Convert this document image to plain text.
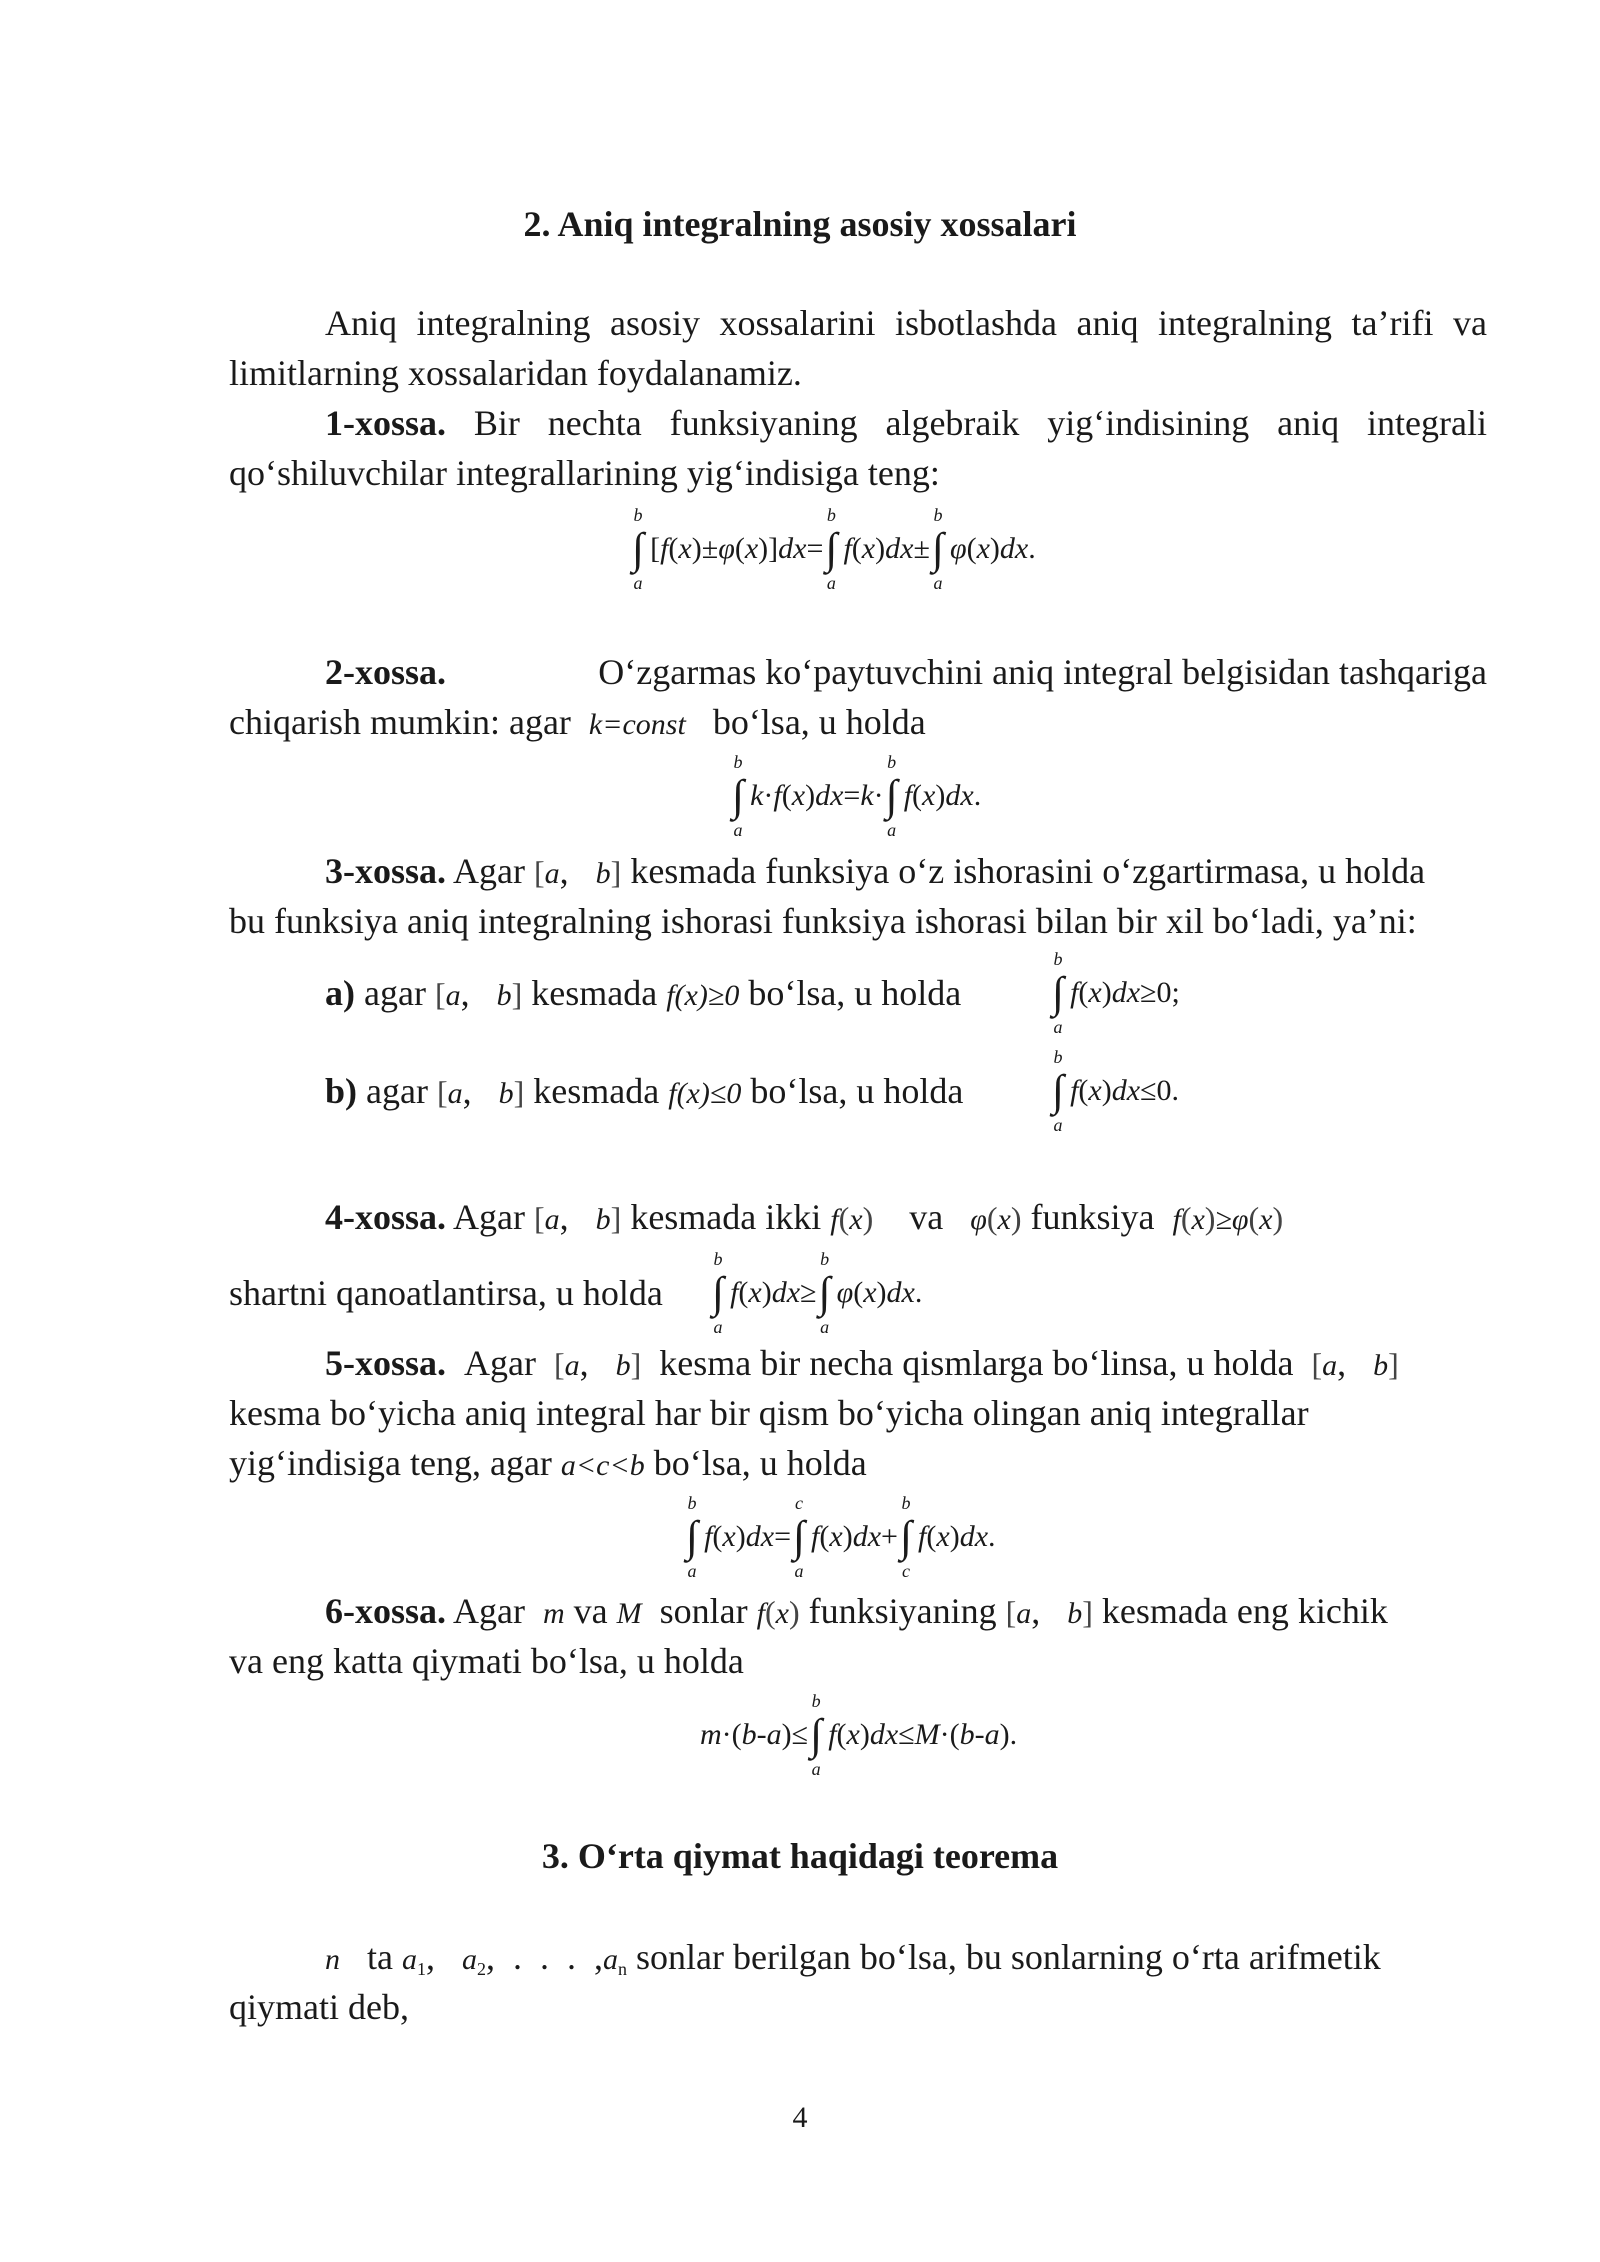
2. Aniq integralning asosiy xossalari
Aniq integralning asosiy xossalarini isbotlashda aniq integralning ta’rifi va limitlarning xossalaridan foydalanamiz.
1-xossa. Bir nechta funksiyaning algebraik yig‘indisining aniq integrali qo‘shiluvchilar integrallarining yig‘indisiga teng:
b
∫
a
[f(x)±φ(x)]dx=
b
∫
a
f(x)dx±
b
∫
a
φ(x)dx.
2-xossa.	O‘zgarmas ko‘paytuvchini aniq integral belgisidan tashqariga
chiqarish mumkin: agar k=const bo‘lsa, u holda
b
∫
a
k·f(x)dx=k·
b
∫
a
f(x)dx.
3-xossa. Agar [a,   b] kesmada funksiya o‘z ishorasini o‘zgartirmasa, u holda
bu funksiya aniq integralning ishorasi funksiya ishorasi bilan bir xil bo‘ladi, ya’ni:
a) agar [a,   b] kesmada f(x)≥0 bo‘lsa, u holda
b
∫
a
f(x)dx≥0;
b) agar [a,   b] kesmada f(x)≤0 bo‘lsa, u holda
b
∫
a
f(x)dx≤0.
4-xossa. Agar [a,   b] kesmada ikki f(x) va φ(x) funksiya f(x)≥φ(x)
shartni qanoatlantirsa, u holda
b
∫
a
f(x)dx≥
b
∫
a
φ(x)dx.
5-xossa. Agar [a,   b] kesma bir necha qismlarga bo‘linsa, u holda [a,   b]
kesma bo‘yicha aniq integral har bir qism bo‘yicha olingan aniq integrallar
yig‘indisiga teng, agar a<c<b bo‘lsa, u holda
b
∫
a
f(x)dx=
c
∫
a
f(x)dx+
b
∫
c
f(x)dx.
6-xossa. Agar m va M sonlar f(x) funksiyaning [a,   b] kesmada eng kichik
va eng katta qiymati bo‘lsa, u holda
m·(b-a)≤
b
∫
a
f(x)dx≤M·(b-a).
3. O‘rta qiymat haqidagi teorema
n ta $a_1$,   $a_2$,  .  .  .  $,a_n$ sonlar berilgan bo‘lsa, bu sonlarning o‘rta arifmetik
qiymati deb,
4
